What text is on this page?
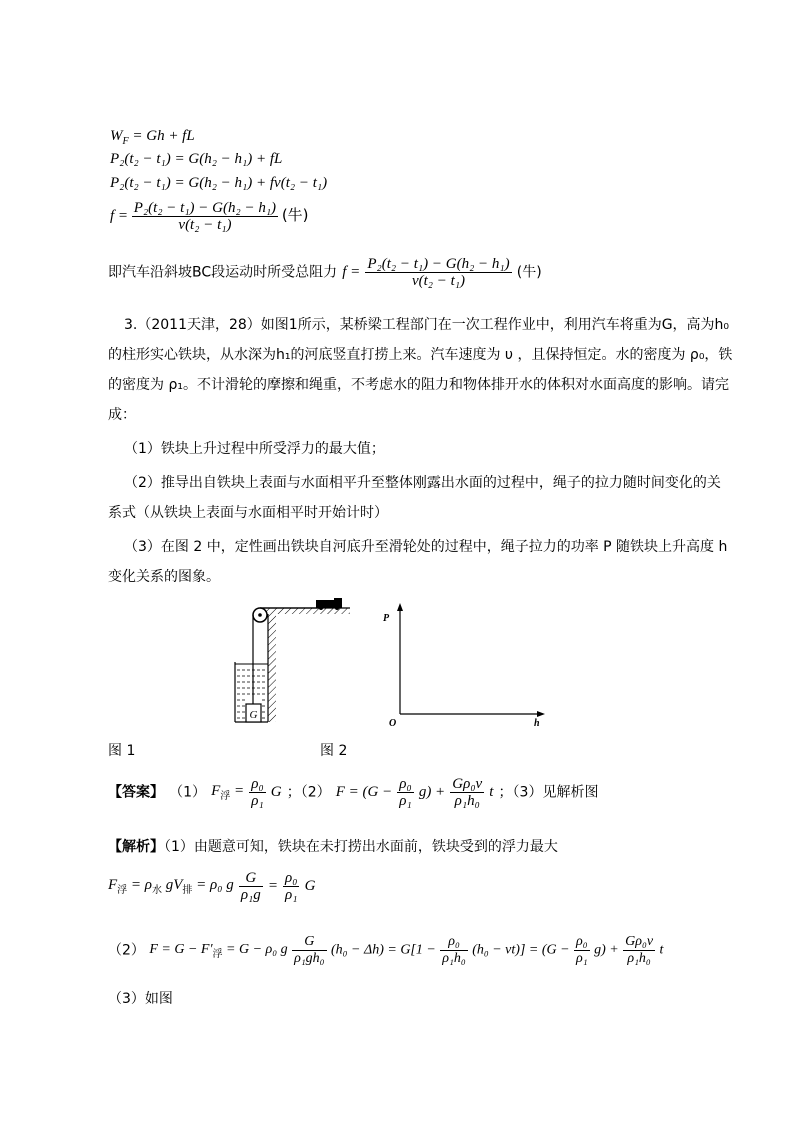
$W_F = Gh$ + fL
P₂(t₂ − t₁) = G(h₂ − h₁) + fL
P₂(t₂ − t₁) = G(h₂ − h₁) + fv(t₂ − t₁)
$f = \frac{\text{P₂(t₂ − t₁) − G(h₂ − h₁)}}{\text{v(t₂ − t₁)}}$ (牛)
即汽车沿斜坡BC段运动时所受总阻力 $f = \frac{\text{P₂(t₂ − t₁) − G(h₂ − h₁)}}{\text{v(t₂ − t₁)}}$ (牛)
3.（2011天津，28）如图1所示，某桥梁工程部门在一次工程作业中，利用汽车将重为G，高为h₀
的柱形实心铁块，从水深为h₁的河底竖直打捞上来。汽车速度为 υ ，且保持恒定。水的密度为 ρ₀，铁
的密度为 ρ₁。不计滑轮的摩擦和绳重，不考虑水的阻力和物体排开水的体积对水面高度的影响。请完
成：
（1）铁块上升过程中所受浮力的最大值；
（2）推导出自铁块上表面与水面相平升至整体刚露出水面的过程中，绳子的拉力随时间变化的关
系式（从铁块上表面与水面相平时开始计时）
（3）在图 2 中，定性画出铁块自河底升至滑轮处的过程中，绳子拉力的功率 P 随铁块上升高度 h
变化关系的图象。
G
P
h
O
图 1	图 2
【答案】 （1） $F_浮 = \frac{\text{ρ₀}}{\text{ρ₁}}$ G ；（2） $F = (G - \frac{\text{ρ₀}}{\text{ρ₁}} g) + \frac{\text{Gρ₀v}}{\text{ρ₁h₀}}$ t ；（3）见解析图
【解析】（1）由题意可知，铁块在未打捞出水面前，铁块受到的浮力最大
$F_浮 = \rho_水$ $gV_排 = \rho_0$ g $\frac{G}{\text{ρ₁g}} = \frac{\text{ρ₀}}{\text{ρ₁}}$ G
（2） $F = G - F'_浮 = G - \rho_0$ g $\frac{G}{\text{ρ₁gh₀}} (h_0 - \Delta h) = G[1 - \frac{\text{ρ₀}}{\text{ρ₁h₀}} (h_0 - vt)] = (G - \frac{\text{ρ₀}}{\text{ρ₁}} g) + \frac{\text{Gρ₀v}}{\text{ρ₁h₀}}$ t
（3）如图
